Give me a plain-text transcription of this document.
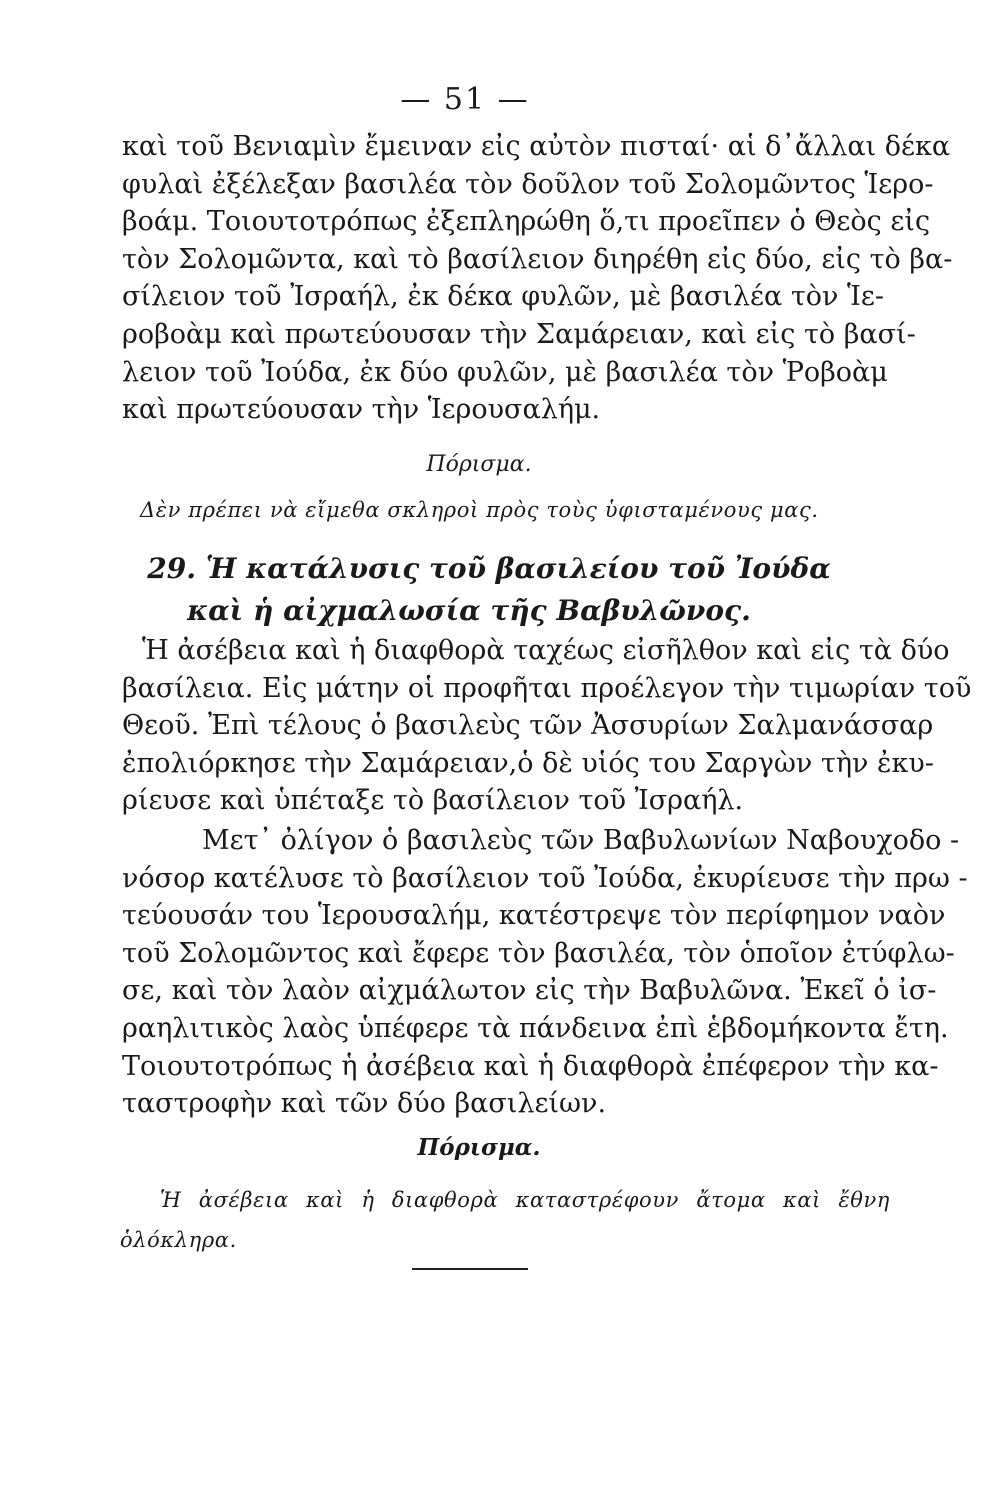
— 51 —
καὶ τοῦ Βενιαμὶν ἔμειναν εἰς αὐτὸν πισταί· αἱ δ᾽ἄλλαι δέκα
φυλαὶ ἐξέλεξαν βασιλέα τὸν δοῦλον τοῦ Σολομῶντος Ἱερο-
βοάμ. Τοιουτοτρόπως ἐξεπληρώθη ὅ,τι προεῖπεν ὁ Θεὸς εἰς
τὸν Σολομῶντα, καὶ τὸ βασίλειον διηρέθη εἰς δύο, εἰς τὸ βα-
σίλειον τοῦ Ἰσραήλ, ἐκ δέκα φυλῶν, μὲ βασιλέα τὸν Ἱε-
ροβοὰμ καὶ πρωτεύουσαν τὴν Σαμάρειαν, καὶ εἰς τὸ βασί-
λειον τοῦ Ἰούδα, ἐκ δύο φυλῶν, μὲ βασιλέα τὸν Ῥοβοὰμ
καὶ πρωτεύουσαν τὴν Ἱερουσαλήμ.
Πόρισμα.
Δὲν πρέπει νὰ εἴμεθα σκληροὶ πρὸς τοὺς ὑφισταμένους μας.
29. Ἡ κατάλυσις τοῦ βασιλείου τοῦ Ἰούδα
καὶ ἡ αἰχμαλωσία τῆς Βαβυλῶνος.
Ἡ ἀσέβεια καὶ ἡ διαφθορὰ ταχέως εἰσῆλθον καὶ εἰς τὰ δύο
βασίλεια. Εἰς μάτην οἱ προφῆται προέλεγον τὴν τιμωρίαν τοῦ
Θεοῦ. Ἐπὶ τέλους ὁ βασιλεὺς τῶν Ἀσσυρίων Σαλμανάσσαρ
ἐπολιόρκησε τὴν Σαμάρειαν,ὁ δὲ υἱός του Σαργὼν τὴν ἐκυ-
ρίευσε καὶ ὑπέταξε τὸ βασίλειον τοῦ Ἰσραήλ.
Μετ᾽ ὀλίγον ὁ βασιλεὺς τῶν Βαβυλωνίων Ναβουχοδο -
νόσορ κατέλυσε τὸ βασίλειον τοῦ Ἰούδα, ἐκυρίευσε τὴν πρω -
τεύουσάν του Ἱερουσαλήμ, κατέστρεψε τὸν περίφημον ναὸν
τοῦ Σολομῶντος καὶ ἔφερε τὸν βασιλέα, τὸν ὁποῖον ἐτύφλω-
σε, καὶ τὸν λαὸν αἰχμάλωτον εἰς τὴν Βαβυλῶνα. Ἐκεῖ ὁ ἰσ-
ραηλιτικὸς λαὸς ὑπέφερε τὰ πάνδεινα ἐπὶ ἑβδομήκοντα ἔτη.
Τοιουτοτρόπως ἡ ἀσέβεια καὶ ἡ διαφθορὰ ἐπέφερον τὴν κα-
ταστροφὴν καὶ τῶν δύο βασιλείων.
Πόρισμα.
Ἡ ἀσέβεια καὶ ἡ διαφθορὰ καταστρέφουν ἄτομα καὶ ἔθνη
ὁλόκληρα.
